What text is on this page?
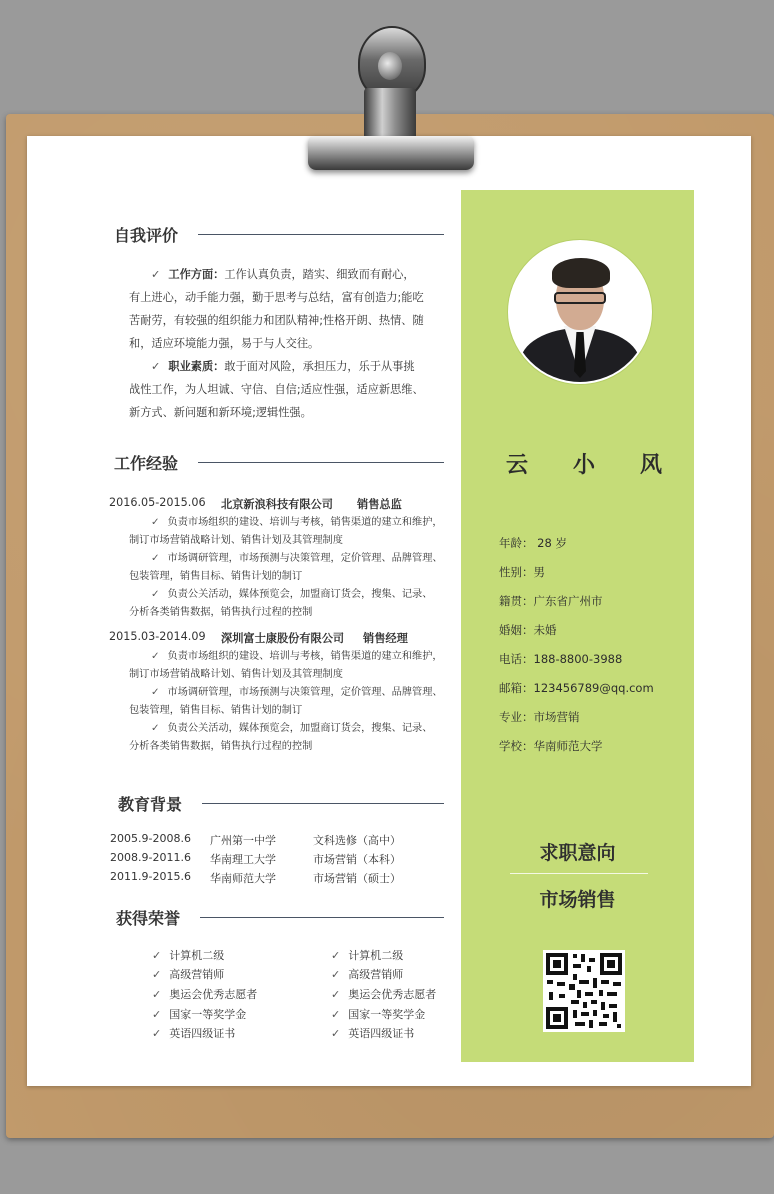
云 小 风
年龄： 28 岁
性别：男
籍贯：广东省广州市
婚姻：未婚
电话：188-8800-3988
邮箱：123456789@qq.com
专业：市场营销
学校：华南师范大学
求职意向
市场销售
自我评价
✓ 工作方面：工作认真负责，踏实、细致而有耐心，
有上进心，动手能力强，勤于思考与总结，富有创造力;能吃
苦耐劳，有较强的组织能力和团队精神;性格开朗、热情、随
和，适应环境能力强，易于与人交往。
✓ 职业素质：敢于面对风险，承担压力，乐于从事挑
战性工作，为人坦诚、守信、自信;适应性强，适应新思维、
新方式、新问题和新环境;逻辑性强。
工作经验
2016.05-2015.06 北京新浪科技有限公司 销售总监
✓ 负责市场组织的建设、培训与考核，销售渠道的建立和维护，
制订市场营销战略计划、销售计划及其管理制度
✓ 市场调研管理，市场预测与决策管理，定价管理、品牌管理、
包装管理，销售目标、销售计划的制订
✓ 负责公关活动，媒体预览会，加盟商订货会，搜集、记录、
分析各类销售数据，销售执行过程的控制
2015.03-2014.09 深圳富士康股份有限公司 销售经理
✓ 负责市场组织的建设、培训与考核，销售渠道的建立和维护，
制订市场营销战略计划、销售计划及其管理制度
✓ 市场调研管理，市场预测与决策管理，定价管理、品牌管理、
包装管理，销售目标、销售计划的制订
✓ 负责公关活动，媒体预览会，加盟商订货会，搜集、记录、
分析各类销售数据，销售执行过程的控制
教育背景
2005.9-2008.6 广州第一中学	文科选修（高中）
2008.9-2011.6 华南理工大学	市场营销（本科）
2011.9-2015.6 华南师范大学	市场营销（硕士）
获得荣誉
✓ 计算机二级
✓ 高级营销师
✓ 奥运会优秀志愿者
✓ 国家一等奖学金
✓ 英语四级证书
✓ 计算机二级
✓ 高级营销师
✓ 奥运会优秀志愿者
✓ 国家一等奖学金
✓ 英语四级证书
